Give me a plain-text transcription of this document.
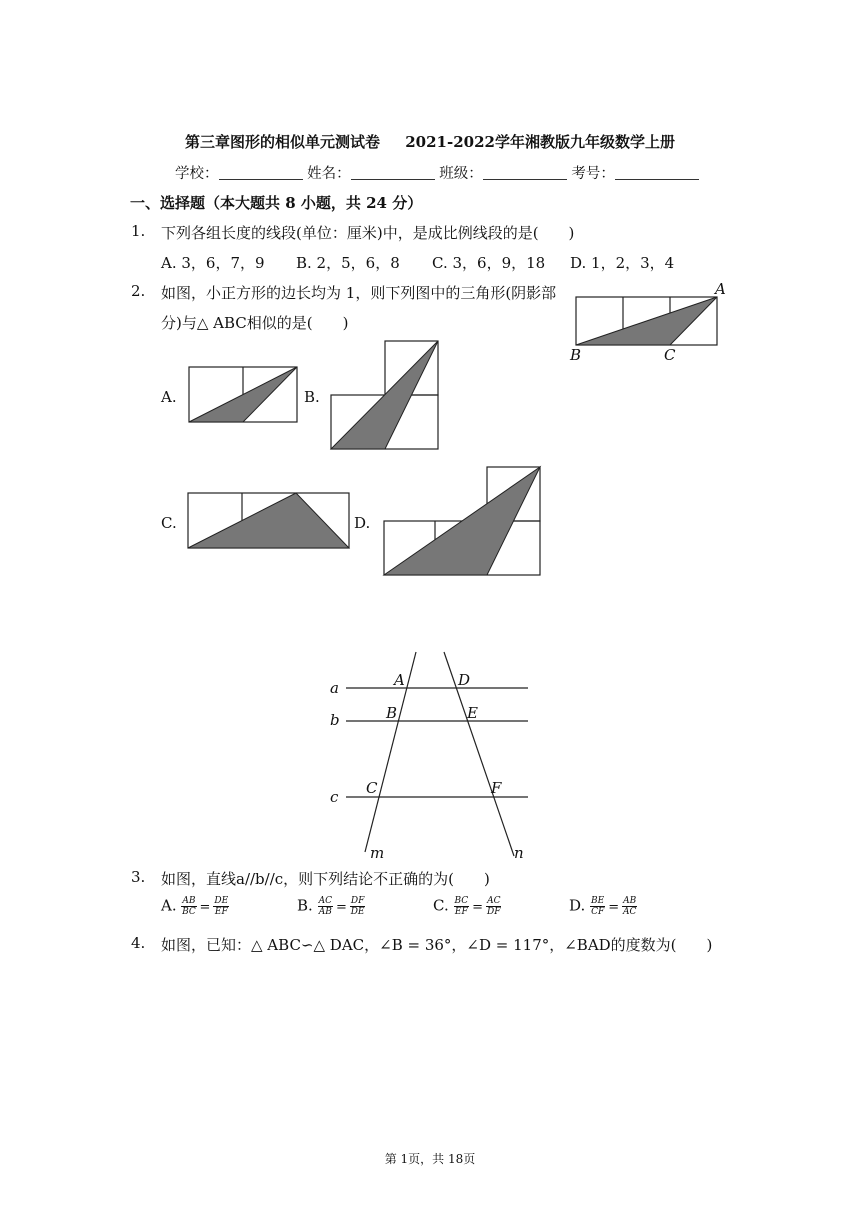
第三章图形的相似单元测试卷 2021-2022学年湘教版九年级数学上册
学校：	姓名：	班级：	考号：
一、选择题（本大题共 8 小题，共 24 分）
1. 下列各组长度的线段(单位：厘米)中，是成比例线段的是(　　)
A. 3，6，7，9 B. 2，5，6，8 C. 3，6，9，18 D. 1，2，3，4
2. 如图，小正方形的边长均为 1，则下列图中的三角形(阴影部
分)与△ ABC相似的是(　　)
A
B	C
A.	B.
C.	D.
a
b
c
A
B
C
D
E
F
m	n
3. 如图，直线a//b//c，则下列结论不正确的为(　　)
A. $\frac{AB}{BC} = \frac{DE}{EF}$	B. $\frac{AC}{AB} = \frac{DF}{DE}$	C. $\frac{BC}{EF} = \frac{AC}{DF}$	D. $\frac{BE}{CF} = \frac{AB}{AC}$
4. 如图，已知：△ ABC∽△ DAC，∠B = 36°，∠D = 117°，∠BAD的度数为(　　)
第 1页，共 18页
